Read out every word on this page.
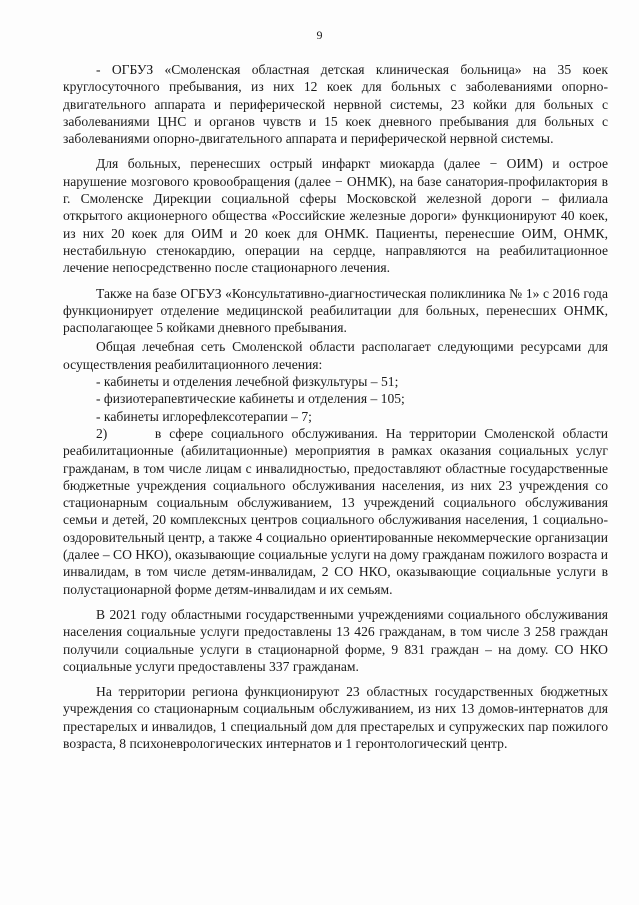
9

- ОГБУЗ «Смоленская областная детская клиническая больница» на 35 коек круглосуточного пребывания, из них 12 коек для больных с заболеваниями опорно-двигательного аппарата и периферической нервной системы, 23 койки для больных с заболеваниями ЦНС и органов чувств и 15 коек дневного пребывания для больных с заболеваниями опорно-двигательного аппарата и периферической нервной системы.

Для больных, перенесших острый инфаркт миокарда (далее − ОИМ) и острое нарушение мозгового кровообращения (далее − ОНМК), на базе санатория-профилактория в г. Смоленске Дирекции социальной сферы Московской железной дороги – филиала открытого акционерного общества «Российские железные дороги» функционируют 40 коек, из них 20 коек для ОИМ и 20 коек для ОНМК. Пациенты, перенесшие ОИМ, ОНМК, нестабильную стенокардию, операции на сердце, направляются на реабилитационное лечение непосредственно после стационарного лечения.

Также на базе ОГБУЗ «Консультативно-диагностическая поликлиника № 1» с 2016 года функционирует отделение медицинской реабилитации для больных, перенесших ОНМК, располагающее 5 койками дневного пребывания.

Общая лечебная сеть Смоленской области располагает следующими ресурсами для осуществления реабилитационного лечения:

- кабинеты и отделения лечебной физкультуры – 51;

- физиотерапевтические кабинеты и отделения – 105;

- кабинеты иглорефлексотерапии – 7;

2)      в сфере социального обслуживания. На территории Смоленской области реабилитационные (абилитационные) мероприятия в рамках оказания социальных услуг гражданам, в том числе лицам с инвалидностью, предоставляют областные государственные бюджетные учреждения социального обслуживания населения, из них 23 учреждения со стационарным социальным обслуживанием, 13 учреждений социального обслуживания семьи и детей, 20 комплексных центров социального обслуживания населения, 1 социально-оздоровительный центр, а также 4 социально ориентированные некоммерческие организации (далее – СО НКО), оказывающие социальные услуги на дому гражданам пожилого возраста и инвалидам, в том числе детям-инвалидам, 2 СО НКО, оказывающие социальные услуги в полустационарной форме детям-инвалидам и их семьям.

В 2021 году областными государственными учреждениями социального обслуживания населения социальные услуги предоставлены 13 426 гражданам, в том числе 3 258 граждан получили социальные услуги в стационарной форме, 9 831 граждан – на дому. СО НКО социальные услуги предоставлены 337 гражданам.

На территории региона функционируют 23 областных государственных бюджетных учреждения со стационарным социальным обслуживанием, из них 13 домов-интернатов для престарелых и инвалидов, 1 специальный дом для престарелых и супружеских пар пожилого возраста, 8 психоневрологических интернатов и 1 геронтологический центр.
